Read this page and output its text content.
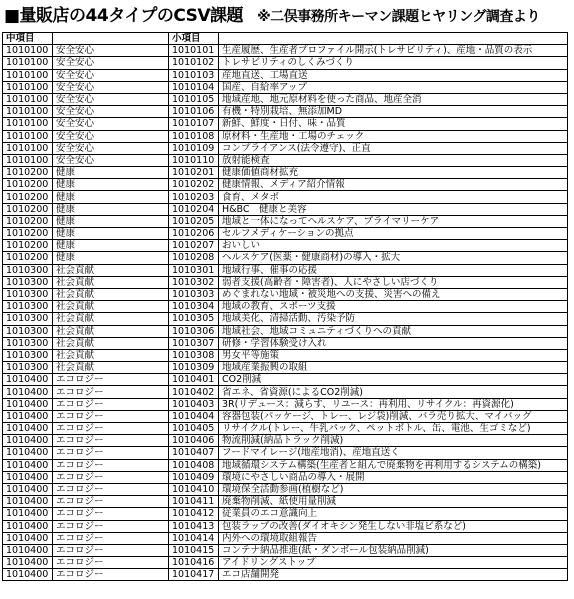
■量販店の44タイプのCSV課題 ※二俣事務所キーマン課題ヒヤリング調査より
中項目		小項目	
1010100	安全安心	1010101	生産履歴、生産者プロファイル開示(トレサビリティ)、産地・品質の表示
1010100	安全安心	1010102	トレサビリティのしくみづくり
1010100	安全安心	1010103	産地直送、工場直送
1010100	安全安心	1010104	国産、自給率アップ
1010100	安全安心	1010105	地域産地、地元原材料を使った商品、地産全消
1010100	安全安心	1010106	有機・特別栽培、無添加MD
1010100	安全安心	1010107	新鮮、鮮度・日付、味・品質
1010100	安全安心	1010108	原材料・生産地・工場のチェック
1010100	安全安心	1010109	コンプライアンス(法令遵守)、正直
1010100	安全安心	1010110	放射能検査
1010200	健康	1010201	健康価値商材拡充
1010200	健康	1010202	健康情報、メディア紹介情報
1010200	健康	1010203	食育、メタボ
1010200	健康	1010204	H&BC　健康と美容
1010200	健康	1010205	地域と一体になってヘルスケア、プライマリーケア
1010200	健康	1010206	セルフメディケーションの拠点
1010200	健康	1010207	おいしい
1010200	健康	1010208	ヘルスケア(医薬・健康商材)の導入・拡大
1010300	社会貢献	1010301	地域行事、催事の応援
1010300	社会貢献	1010302	弱者支援(高齢者・障害者)、人にやさしい店づくり
1010300	社会貢献	1010303	めぐまれない地域・被災地への支援、災害への備え
1010300	社会貢献	1010304	地域の教育、スポーツ支援
1010300	社会貢献	1010305	地域美化、清掃活動、汚染予防
1010300	社会貢献	1010306	地域社会、地域コミュニティづくりへの貢献
1010300	社会貢献	1010307	研修・学習体験受け入れ
1010300	社会貢献	1010308	男女平等施策
1010300	社会貢献	1010309	地域産業振興の取組
1010400	エコロジー	1010401	CO2削減
1010400	エコロジー	1010402	省エネ、省資源(によるCO2削減)
1010400	エコロジー	1010403	3R(リデュース：減らす、リユース：再利用、リサイクル：再資源化)
1010400	エコロジー	1010404	容器包装(パッケージ、トレー、レジ袋)削減、バラ売り拡大、マイバッグ
1010400	エコロジー	1010405	リサイクル(トレー、牛乳パック、ペットボトル、缶、電池、生ゴミなど)
1010400	エコロジー	1010406	物流削減(納品トラック削減)
1010400	エコロジー	1010407	フードマイレージ(地産地消)、産地直送く
1010400	エコロジー	1010408	地域循環システム構築(生産者と組んで廃棄物を再利用するシステムの構築)
1010400	エコロジー	1010409	環境にやさしい商品の導入・展開
1010400	エコロジー	1010410	環境保全活動参画(植樹など)
1010400	エコロジー	1010411	廃棄物削減、紙使用量削減
1010400	エコロジー	1010412	従業員のエコ意識向上
1010400	エコロジー	1010413	包装ラップの改善(ダイオキシン発生しない非塩ビ系など)
1010400	エコロジー	1010414	内外への環境取組報告
1010400	エコロジー	1010415	コンテナ納品推進(紙・ダンボール包装納品削減)
1010400	エコロジー	1010416	アイドリングストップ
1010400	エコロジー	1010417	エコ店舗開発
